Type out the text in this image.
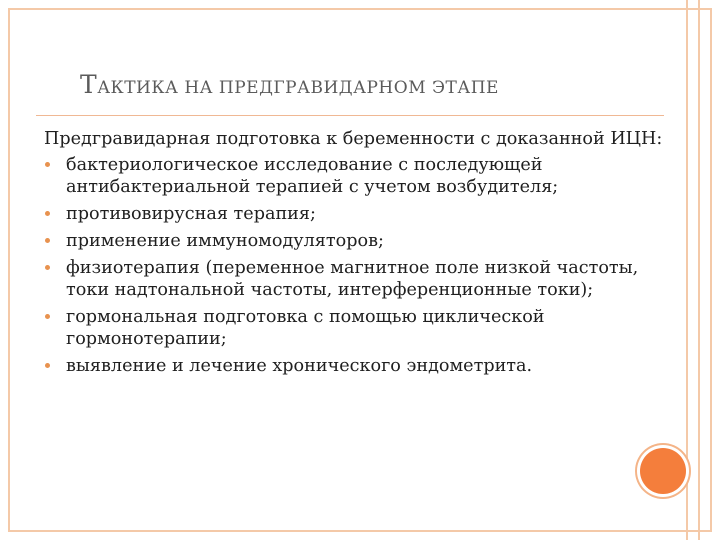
ТАКТИКА НА ПРЕДГРАВИДАРНОМ ЭТАПЕ

Предгравидарная подготовка к беременности с доказанной ИЦН:

бактериологическое исследование с последующей антибактериальной терапией с учетом возбудителя;
противовирусная терапия;
применение иммуномодуляторов;
физиотерапия (переменное магнитное поле низкой частоты, токи надтональной частоты, интерференционные токи);
гормональная подготовка с помощью циклической гормонотерапии;
выявление и лечение хронического эндометрита.
